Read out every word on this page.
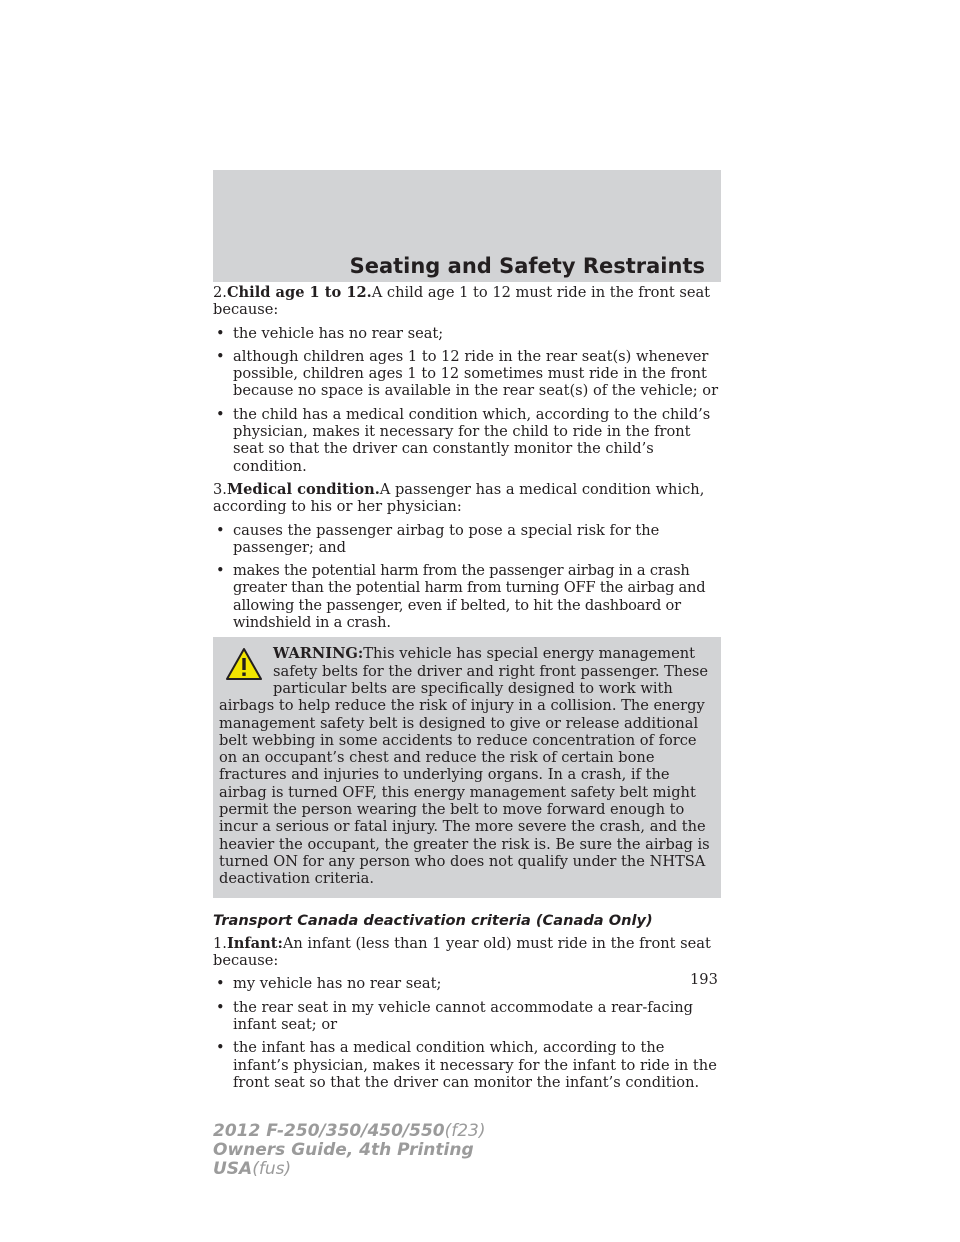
Seating and Safety Restraints

2.Child age 1 to 12.A child age 1 to 12 must ride in the front seat because:

• the vehicle has no rear seat;
• although children ages 1 to 12 ride in the rear seat(s) whenever possible, children ages 1 to 12 sometimes must ride in the front because no space is available in the rear seat(s) of the vehicle; or
• the child has a medical condition which, according to the child’s physician, makes it necessary for the child to ride in the front seat so that the driver can constantly monitor the child’s condition.

3.Medical condition.A passenger has a medical condition which, according to his or her physician:

• causes the passenger airbag to pose a special risk for the passenger; and
• makes the potential harm from the passenger airbag in a crash greater than the potential harm from turning OFF the airbag and allowing the passenger, even if belted, to hit the dashboard or windshield in a crash.

WARNING:This vehicle has special energy management safety belts for the driver and right front passenger. These particular belts are specifically designed to work with airbags to help reduce the risk of injury in a collision. The energy management safety belt is designed to give or release additional belt webbing in some accidents to reduce concentration of force on an occupant’s chest and reduce the risk of certain bone fractures and injuries to underlying organs. In a crash, if the airbag is turned OFF, this energy management safety belt might permit the person wearing the belt to move forward enough to incur a serious or fatal injury. The more severe the crash, and the heavier the occupant, the greater the risk is. Be sure the airbag is turned ON for any person who does not qualify under the NHTSA deactivation criteria.

Transport Canada deactivation criteria (Canada Only)

1.Infant:An infant (less than 1 year old) must ride in the front seat because:

• my vehicle has no rear seat;
• the rear seat in my vehicle cannot accommodate a rear-facing infant seat; or
• the infant has a medical condition which, according to the infant’s physician, makes it necessary for the infant to ride in the front seat so that the driver can monitor the infant’s condition.
193
2012 F-250/350/450/550(f23)
Owners Guide, 4th Printing
USA(fus)
